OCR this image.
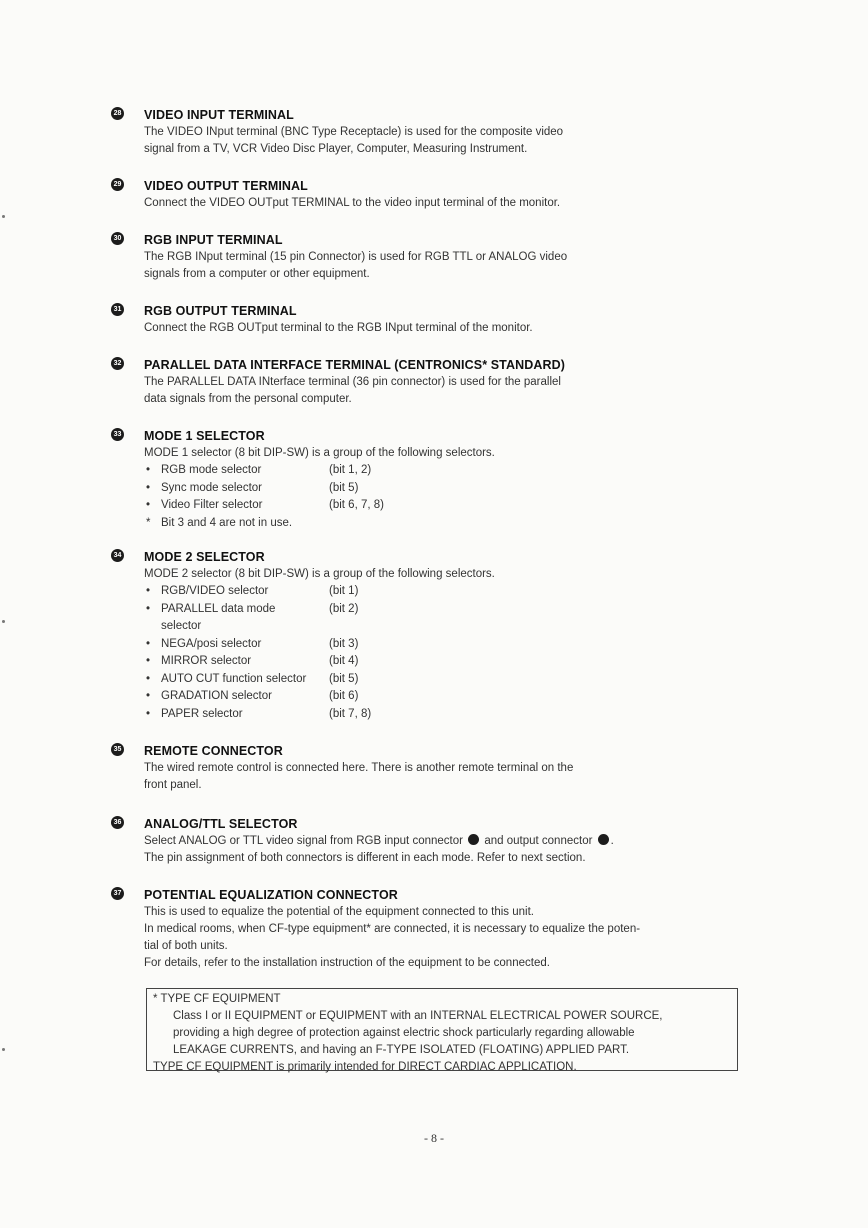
28 VIDEO INPUT TERMINAL

The VIDEO INput terminal (BNC Type Receptacle) is used for the composite video

signal from a TV, VCR Video Disc Player, Computer, Measuring Instrument.

29 VIDEO OUTPUT TERMINAL

Connect the VIDEO OUTput TERMINAL to the video input terminal of the monitor.

30 RGB INPUT TERMINAL

The RGB INput terminal (15 pin Connector) is used for RGB TTL or ANALOG video

signals from a computer or other equipment.

31 RGB OUTPUT TERMINAL

Connect the RGB OUTput terminal to the RGB INput terminal of the monitor.

32 PARALLEL DATA INTERFACE TERMINAL (CENTRONICS* STANDARD)

The PARALLEL DATA INterface terminal (36 pin connector) is used for the parallel

data signals from the personal computer.

33 MODE 1 SELECTOR

MODE 1 selector (8 bit DIP-SW) is a group of the following selectors.

• RGB mode selector	(bit 1, 2)
• Sync mode selector	(bit 5)
• Video Filter selector	(bit 6, 7, 8)
* Bit 3 and 4 are not in use.
34 MODE 2 SELECTOR

MODE 2 selector (8 bit DIP-SW) is a group of the following selectors.

• RGB/VIDEO selector	(bit 1)
• PARALLEL data mode selector
(bit 2)
• NEGA/posi selector	(bit 3)
• MIRROR selector	(bit 4)
• AUTO CUT function selector	(bit 5)
• GRADATION selector	(bit 6)
• PAPER selector	(bit 7, 8)
35 REMOTE CONNECTOR

The wired remote control is connected here. There is another remote terminal on the

front panel.

36 ANALOG/TTL SELECTOR

Select ANALOG or TTL video signal from RGB input connector and output connector .

The pin assignment of both connectors is different in each mode. Refer to next section.

37 POTENTIAL EQUALIZATION CONNECTOR

This is used to equalize the potential of the equipment connected to this unit.

In medical rooms, when CF-type equipment* are connected, it is necessary to equalize the poten-

tial of both units.

For details, refer to the installation instruction of the equipment to be connected.

* TYPE CF EQUIPMENT
Class I or II EQUIPMENT or EQUIPMENT with an INTERNAL ELECTRICAL POWER SOURCE,
providing a high degree of protection against electric shock particularly regarding allowable
LEAKAGE CURRENTS, and having an F-TYPE ISOLATED (FLOATING) APPLIED PART.
TYPE CF EQUIPMENT is primarily intended for DIRECT CARDIAC APPLICATION.
- 8 -
